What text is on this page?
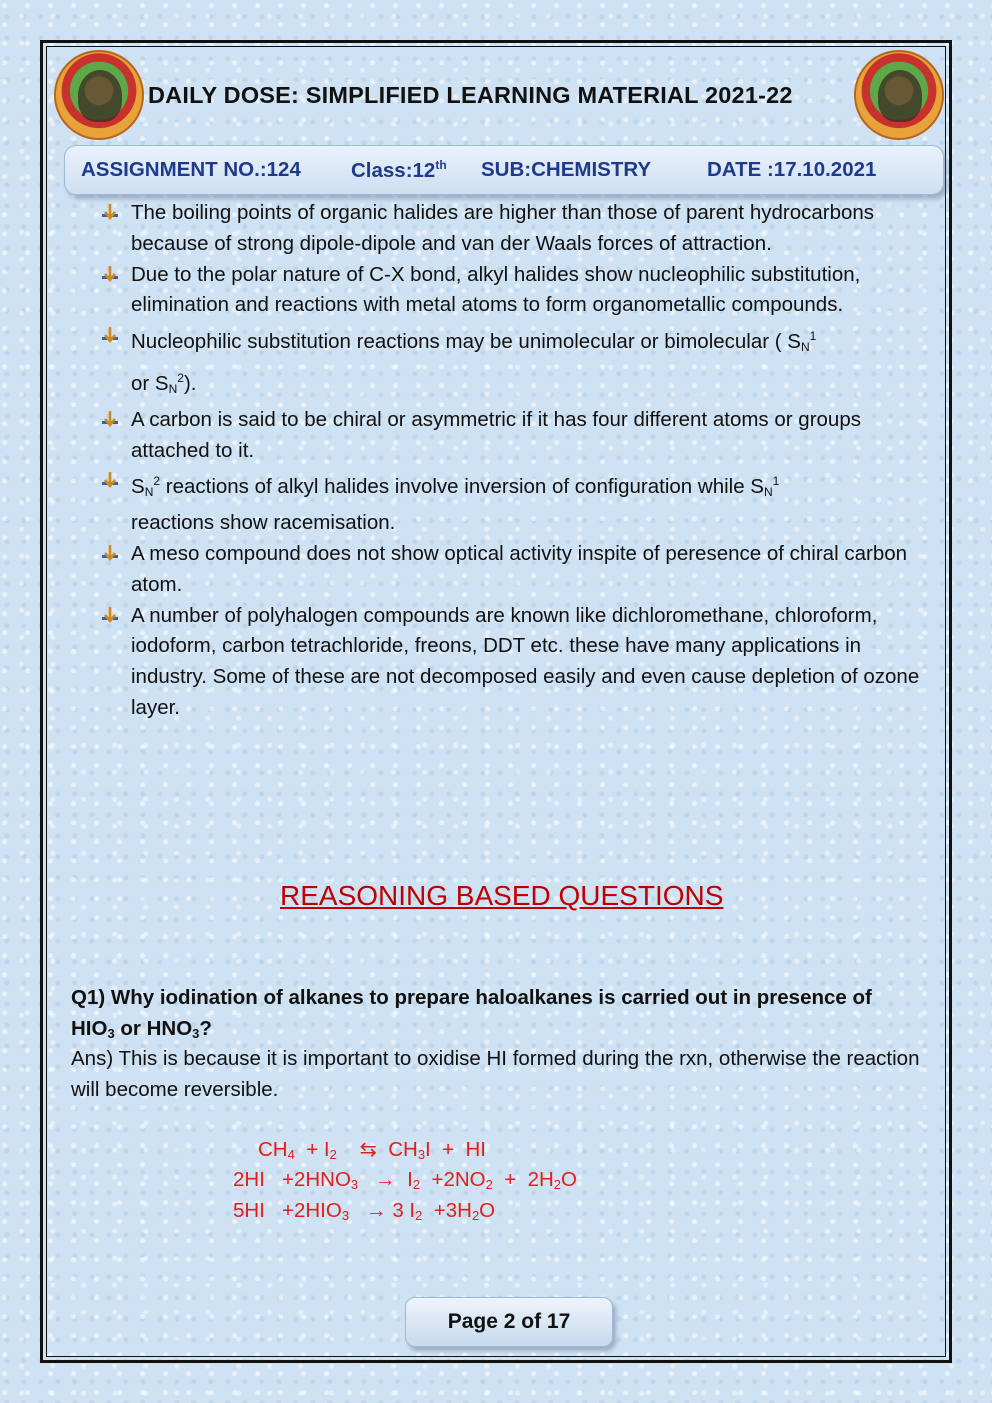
DAILY DOSE: SIMPLIFIED LEARNING MATERIAL 2021-22
ASSIGNMENT NO.:124 Class:12th SUB:CHEMISTRY	DATE :17.10.2021
The boiling points of organic halides are higher than those of parent hydrocarbons because of strong dipole-dipole and van der Waals forces of attraction.
Due to the polar nature of C-X bond, alkyl halides show nucleophilic substitution, elimination and reactions with metal atoms to form organometallic compounds.
Nucleophilic substitution reactions may be unimolecular or bimolecular ( $S_N^1$
or $S_N^2$).
A carbon is said to be chiral or asymmetric if it has four different atoms or groups attached to it.
$S_N^2$ reactions of alkyl halides involve inversion of configuration while $S_N^1$
reactions show racemisation.
A meso compound does not show optical activity inspite of peresence of chiral carbon atom.
A number of polyhalogen compounds are known like dichloromethane, chloroform, iodoform, carbon tetrachloride, freons, DDT etc. these have many applications in industry. Some of these are not decomposed easily and even cause depletion of ozone layer.
REASONING BASED QUESTIONS
Q1) Why iodination of alkanes to prepare haloalkanes is carried out in presence of HIO3 or HNO3?
Ans) This is because it is important to oxidise HI formed during the rxn, otherwise the reaction will become reversible.
CH4  + I2    ⇆  CH3I  +  HI
2HI   +2HNO3   →  I2  +2NO2  +  2H2O
5HI   +2HIO3   → 3 I2  +3H2O
Page 2 of 17
